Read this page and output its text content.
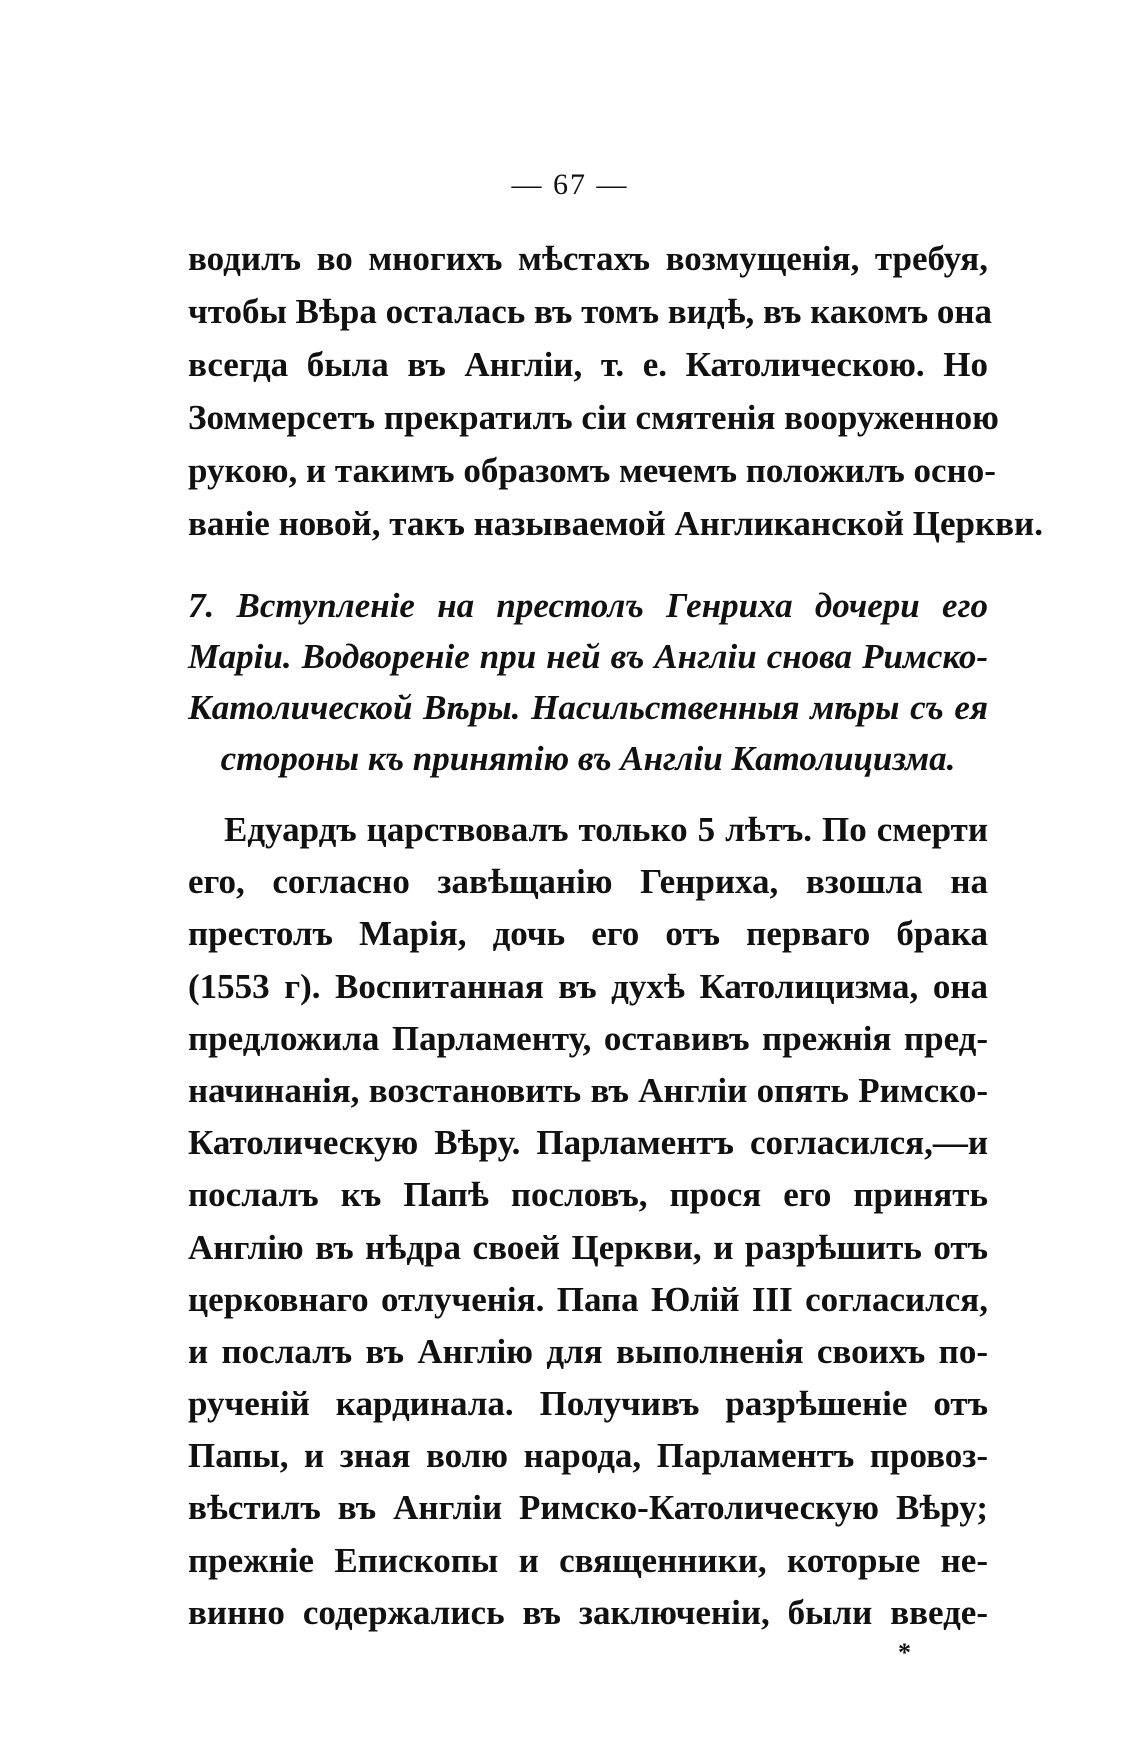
— 67 —
водилъ во многихъ мѣстахъ возмущенія, требуя,
чтобы Вѣра осталась въ томъ видѣ, въ какомъ она
всегда была въ Англіи, т. е. Католическою. Но
Зоммерсетъ прекратилъ сіи смятенія вооруженною
рукою, и такимъ образомъ мечемъ положилъ осно-
ваніе новой, такъ называемой Англиканской Церкви.
7. Вступленіе на престолъ Генриха дочери его
Маріи. Водвореніе при ней въ Англіи снова Римско-
Католической Вѣры. Насильственныя мѣры съ ея
стороны къ принятію въ Англіи Католицизма.
Едуардъ царствовалъ только 5 лѣтъ. По смерти
его, согласно завѣщанію Генриха, взошла на
престолъ Марія, дочь его отъ перваго брака
(1553 г). Воспитанная въ духѣ Католицизма, она
предложила Парламенту, оставивъ прежнія пред-
начинанія, возстановить въ Англіи опять Римско-
Католическую Вѣру. Парламентъ согласился,—и
послалъ къ Папѣ пословъ, прося его принять
Англію въ нѣдра своей Церкви, и разрѣшить отъ
церковнаго отлученія. Папа Юлій III согласился,
и послалъ въ Англію для выполненія своихъ по-
рученій кардинала. Получивъ разрѣшеніе отъ
Папы, и зная волю народа, Парламентъ провоз-
вѣстилъ въ Англіи Римско-Католическую Вѣру;
прежніе Епископы и священники, которые не-
винно содержались въ заключеніи, были введе-
*
